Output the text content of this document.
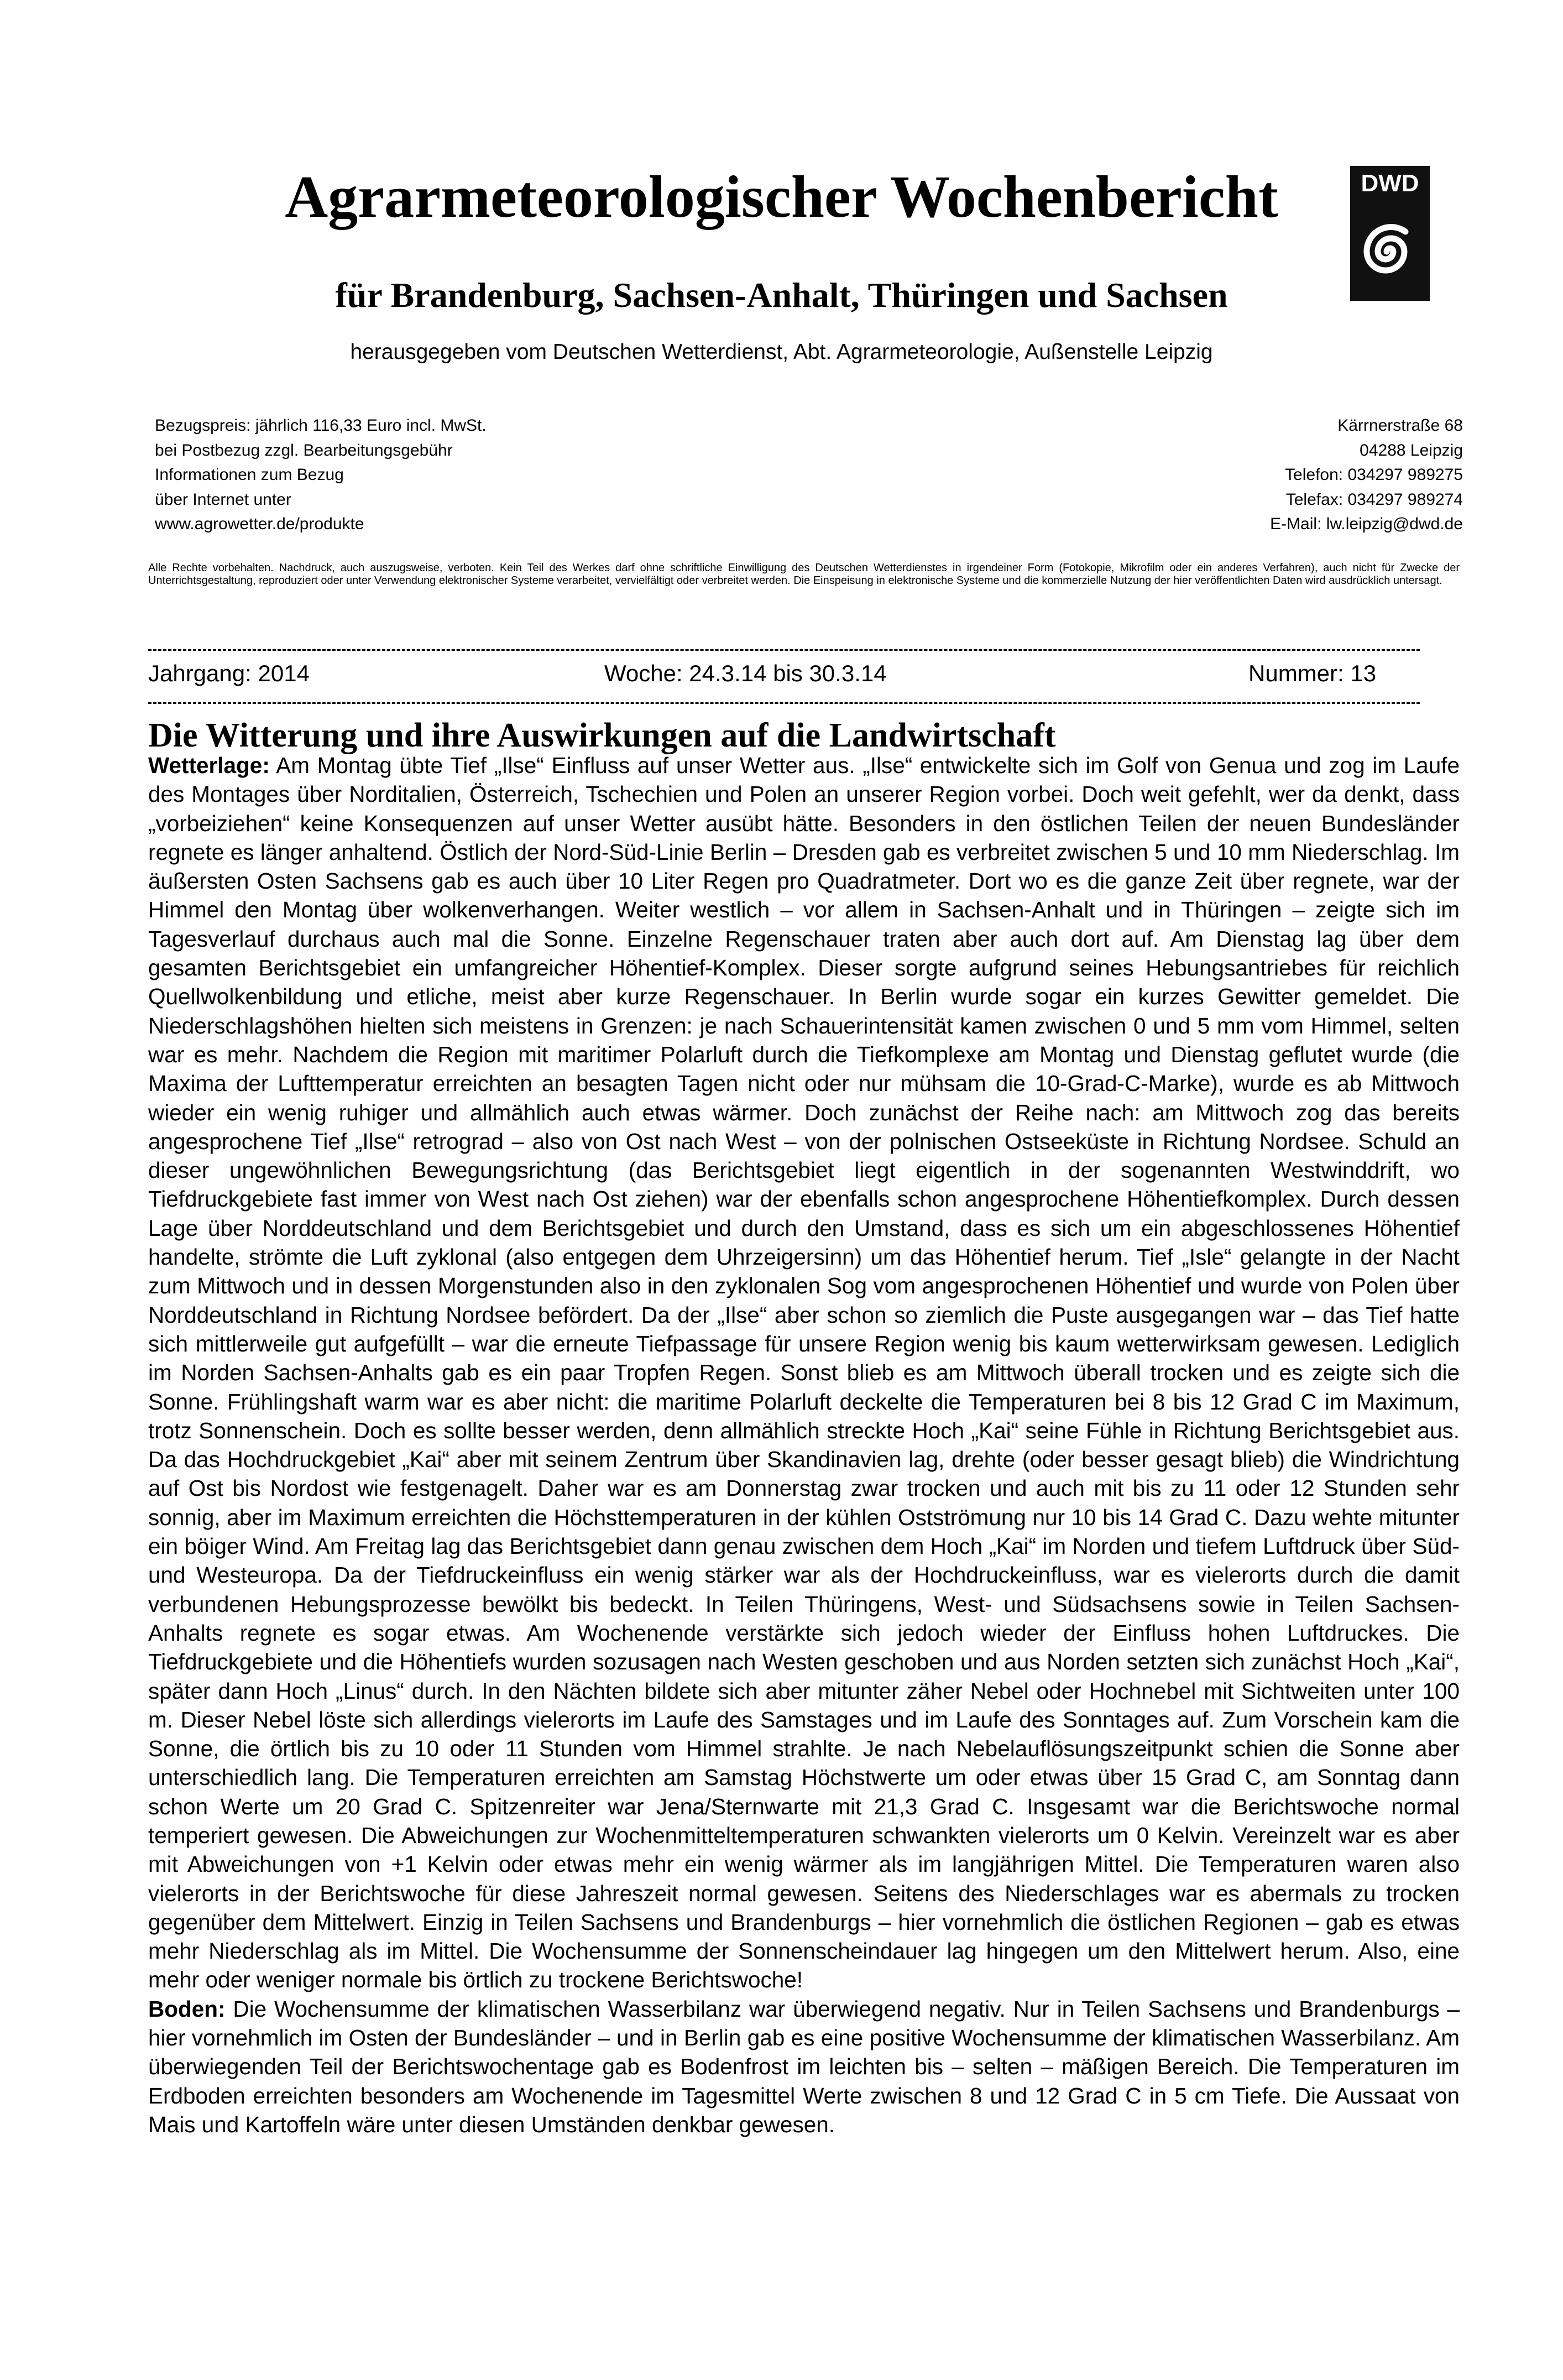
Agrarmeteorologischer Wochenbericht
für Brandenburg, Sachsen-Anhalt, Thüringen und Sachsen
herausgegeben vom Deutschen Wetterdienst, Abt. Agrarmeteorologie, Außenstelle Leipzig
DWD
Bezugspreis: jährlich 116,33 Euro incl. MwSt.
bei Postbezug zzgl. Bearbeitungsgebühr
Informationen zum Bezug
über Internet unter
www.agrowetter.de/produkte
Kärrnerstraße 68
04288 Leipzig
Telefon: 034297 989275
Telefax: 034297 989274
E-Mail: lw.leipzig@dwd.de
Alle Rechte vorbehalten. Nachdruck, auch auszugsweise, verboten. Kein Teil des Werkes darf ohne schriftliche Einwilligung des Deutschen Wetterdienstes in irgendeiner Form (Fotokopie, Mikrofilm oder ein anderes Verfahren), auch nicht für Zwecke der Unterrichtsgestaltung, reproduziert oder unter Verwendung elektronischer Systeme verarbeitet, vervielfältigt oder verbreitet werden. Die Einspeisung in elektronische Systeme und die kommerzielle Nutzung der hier veröffentlichten Daten wird ausdrücklich untersagt.
Jahrgang: 2014	Woche: 24.3.14 bis 30.3.14	Nummer: 13
Die Witterung und ihre Auswirkungen auf die Landwirtschaft

Wetterlage: Am Montag übte Tief „Ilse“ Einfluss auf unser Wetter aus. „Ilse“ entwickelte sich im Golf von Genua und zog im Laufe des Montages über Norditalien, Österreich, Tschechien und Polen an unserer Region vorbei. Doch weit gefehlt, wer da denkt, dass „vorbeiziehen“ keine Konsequenzen auf unser Wetter ausübt hätte. Besonders in den östlichen Teilen der neuen Bundesländer regnete es länger anhaltend. Östlich der Nord-Süd-Linie Berlin – Dresden gab es verbreitet zwischen 5 und 10 mm Niederschlag. Im äußersten Osten Sachsens gab es auch über 10 Liter Regen pro Quadratmeter. Dort wo es die ganze Zeit über regnete, war der Himmel den Montag über wolkenverhangen. Weiter westlich – vor allem in Sachsen-Anhalt und in Thüringen – zeigte sich im Tagesverlauf durchaus auch mal die Sonne. Einzelne Regenschauer traten aber auch dort auf. Am Dienstag lag über dem gesamten Berichtsgebiet ein umfangreicher Höhentief-Komplex. Dieser sorgte aufgrund seines Hebungsantriebes für reichlich Quellwolkenbildung und etliche, meist aber kurze Regenschauer. In Berlin wurde sogar ein kurzes Gewitter gemeldet. Die Niederschlagshöhen hielten sich meistens in Grenzen: je nach Schauerintensität kamen zwischen 0 und 5 mm vom Himmel, selten war es mehr. Nachdem die Region mit maritimer Polarluft durch die Tiefkomplexe am Montag und Dienstag geflutet wurde (die Maxima der Lufttemperatur erreichten an besagten Tagen nicht oder nur mühsam die 10-Grad-C-Marke), wurde es ab Mittwoch wieder ein wenig ruhiger und allmählich auch etwas wärmer. Doch zunächst der Reihe nach: am Mittwoch zog das bereits angesprochene Tief „Ilse“ retrograd – also von Ost nach West – von der polnischen Ostseeküste in Richtung Nordsee. Schuld an dieser ungewöhnlichen Bewegungsrichtung (das Berichtsgebiet liegt eigentlich in der sogenannten Westwinddrift, wo Tiefdruckgebiete fast immer von West nach Ost ziehen) war der ebenfalls schon angesprochene Höhentiefkomplex. Durch dessen Lage über Norddeutschland und dem Berichtsgebiet und durch den Umstand, dass es sich um ein abgeschlossenes Höhentief handelte, strömte die Luft zyklonal (also entgegen dem Uhrzeigersinn) um das Höhentief herum. Tief „Isle“ gelangte in der Nacht zum Mittwoch und in dessen Morgenstunden also in den zyklonalen Sog vom angesprochenen Höhentief und wurde von Polen über Norddeutschland in Richtung Nordsee befördert. Da der „Ilse“ aber schon so ziemlich die Puste ausgegangen war – das Tief hatte sich mittlerweile gut aufgefüllt – war die erneute Tiefpassage für unsere Region wenig bis kaum wetterwirksam gewesen. Lediglich im Norden Sachsen-Anhalts gab es ein paar Tropfen Regen. Sonst blieb es am Mittwoch überall trocken und es zeigte sich die Sonne. Frühlingshaft warm war es aber nicht: die maritime Polarluft deckelte die Temperaturen bei 8 bis 12 Grad C im Maximum, trotz Sonnenschein. Doch es sollte besser werden, denn allmählich streckte Hoch „Kai“ seine Fühle in Richtung Berichtsgebiet aus. Da das Hochdruckgebiet „Kai“ aber mit seinem Zentrum über Skandinavien lag, drehte (oder besser gesagt blieb) die Windrichtung auf Ost bis Nordost wie festgenagelt. Daher war es am Donnerstag zwar trocken und auch mit bis zu 11 oder 12 Stunden sehr sonnig, aber im Maximum erreichten die Höchsttemperaturen in der kühlen Ostströmung nur 10 bis 14 Grad C. Dazu wehte mitunter ein böiger Wind. Am Freitag lag das Berichtsgebiet dann genau zwischen dem Hoch „Kai“ im Norden und tiefem Luftdruck über Süd- und Westeuropa. Da der Tiefdruckeinfluss ein wenig stärker war als der Hochdruckeinfluss, war es vielerorts durch die damit verbundenen Hebungsprozesse bewölkt bis bedeckt. In Teilen Thüringens, West- und Südsachsens sowie in Teilen Sachsen-Anhalts regnete es sogar etwas. Am Wochenende verstärkte sich jedoch wieder der Einfluss hohen Luftdruckes. Die Tiefdruckgebiete und die Höhentiefs wurden sozusagen nach Westen geschoben und aus Norden setzten sich zunächst Hoch „Kai“, später dann Hoch „Linus“ durch. In den Nächten bildete sich aber mitunter zäher Nebel oder Hochnebel mit Sichtweiten unter 100 m. Dieser Nebel löste sich allerdings vielerorts im Laufe des Samstages und im Laufe des Sonntages auf. Zum Vorschein kam die Sonne, die örtlich bis zu 10 oder 11 Stunden vom Himmel strahlte. Je nach Nebelauflösungszeitpunkt schien die Sonne aber unterschiedlich lang. Die Temperaturen erreichten am Samstag Höchstwerte um oder etwas über 15 Grad C, am Sonntag dann schon Werte um 20 Grad C. Spitzenreiter war Jena/Sternwarte mit 21,3 Grad C. Insgesamt war die Berichtswoche normal temperiert gewesen. Die Abweichungen zur Wochenmitteltemperaturen schwankten vielerorts um 0 Kelvin. Vereinzelt war es aber mit Abweichungen von +1 Kelvin oder etwas mehr ein wenig wärmer als im langjährigen Mittel. Die Temperaturen waren also vielerorts in der Berichtswoche für diese Jahreszeit normal gewesen. Seitens des Niederschlages war es abermals zu trocken gegenüber dem Mittelwert. Einzig in Teilen Sachsens und Brandenburgs – hier vornehmlich die östlichen Regionen – gab es etwas mehr Niederschlag als im Mittel. Die Wochensumme der Sonnenscheindauer lag hingegen um den Mittelwert herum. Also, eine mehr oder weniger normale bis örtlich zu trockene Berichtswoche!

Boden: Die Wochensumme der klimatischen Wasserbilanz war überwiegend negativ. Nur in Teilen Sachsens und Brandenburgs – hier vornehmlich im Osten der Bundesländer – und in Berlin gab es eine positive Wochensumme der klimatischen Wasserbilanz. Am überwiegenden Teil der Berichtswochentage gab es Bodenfrost im leichten bis – selten – mäßigen Bereich. Die Temperaturen im Erdboden erreichten besonders am Wochenende im Tagesmittel Werte zwischen 8 und 12 Grad C in 5 cm Tiefe. Die Aussaat von Mais und Kartoffeln wäre unter diesen Umständen denkbar gewesen.
